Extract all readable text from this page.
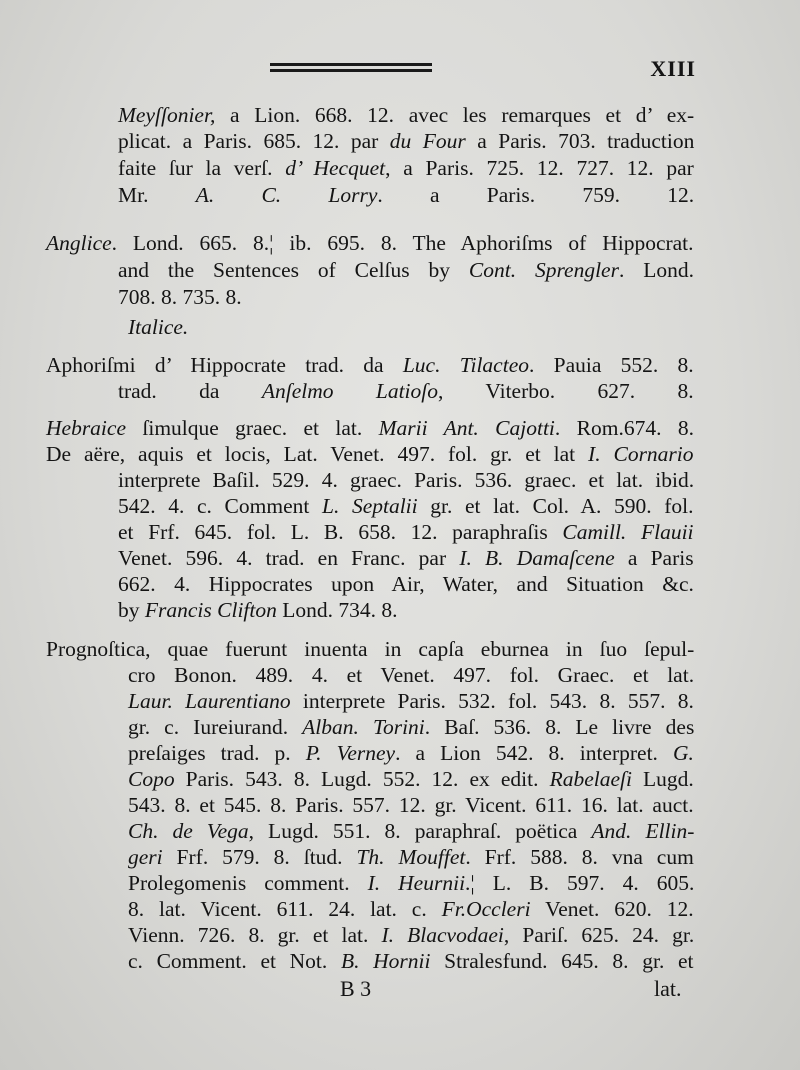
XIII
Meyſſonier, a Lion. 668. 12. avec les remarques et d’ ex-
plicat. a Paris. 685. 12. par du Four a Paris. 703. traduction
faite ſur la verſ. d’ Hecquet, a Paris. 725. 12. 727. 12. par
Mr. A. C. Lorry. a Paris. 759. 12.
Anglice. Lond. 665. 8.¦ ib. 695. 8. The Aphoriſms of Hippocrat.
and the Sentences of Celſus by Cont. Sprengler. Lond.
708. 8. 735. 8.
Italice.
Aphoriſmi d’ Hippocrate trad. da Luc. Tilacteo. Pauia 552. 8.
trad. da Anſelmo Latioſo, Viterbo. 627. 8.
Hebraice ſimulque graec. et lat. Marii Ant. Cajotti. Rom.674. 8.
De aëre, aquis et locis, Lat. Venet. 497. fol. gr. et lat I. Cornario
interprete Baſil. 529. 4. graec. Paris. 536. graec. et lat. ibid.
542. 4. c. Comment L. Septalii gr. et lat. Col. A. 590. fol.
et Frf. 645. fol. L. B. 658. 12. paraphraſis Camill. Flauii
Venet. 596. 4. trad. en Franc. par I. B. Damaſcene a Paris
662. 4. Hippocrates upon Air, Water, and Situation &c.
by Francis Clifton Lond. 734. 8.
Prognoſtica, quae fuerunt inuenta in capſa eburnea in ſuo ſepul-
cro Bonon. 489. 4. et Venet. 497. fol. Graec. et lat.
Laur. Laurentiano interprete Paris. 532. fol. 543. 8. 557. 8.
gr. c. Iureiurand. Alban. Torini. Baſ. 536. 8. Le livre des
preſaiges trad. p. P. Verney. a Lion 542. 8. interpret. G.
Copo Paris. 543. 8. Lugd. 552. 12. ex edit. Rabelaeſi Lugd.
543. 8. et 545. 8. Paris. 557. 12. gr. Vicent. 611. 16. lat. auct.
Ch. de Vega, Lugd. 551. 8. paraphraſ. poëtica And. Ellin-
geri Frf. 579. 8. ſtud. Th. Mouffet. Frf. 588. 8. vna cum
Prolegomenis comment. I. Heurnii.¦ L. B. 597. 4. 605.
8. lat. Vicent. 611. 24. lat. c. Fr.Occleri Venet. 620. 12.
Vienn. 726. 8. gr. et lat. I. Blacvodaei, Pariſ. 625. 24. gr.
c. Comment. et Not. B. Hornii Stralesfund. 645. 8. gr. et
B 3	lat.
